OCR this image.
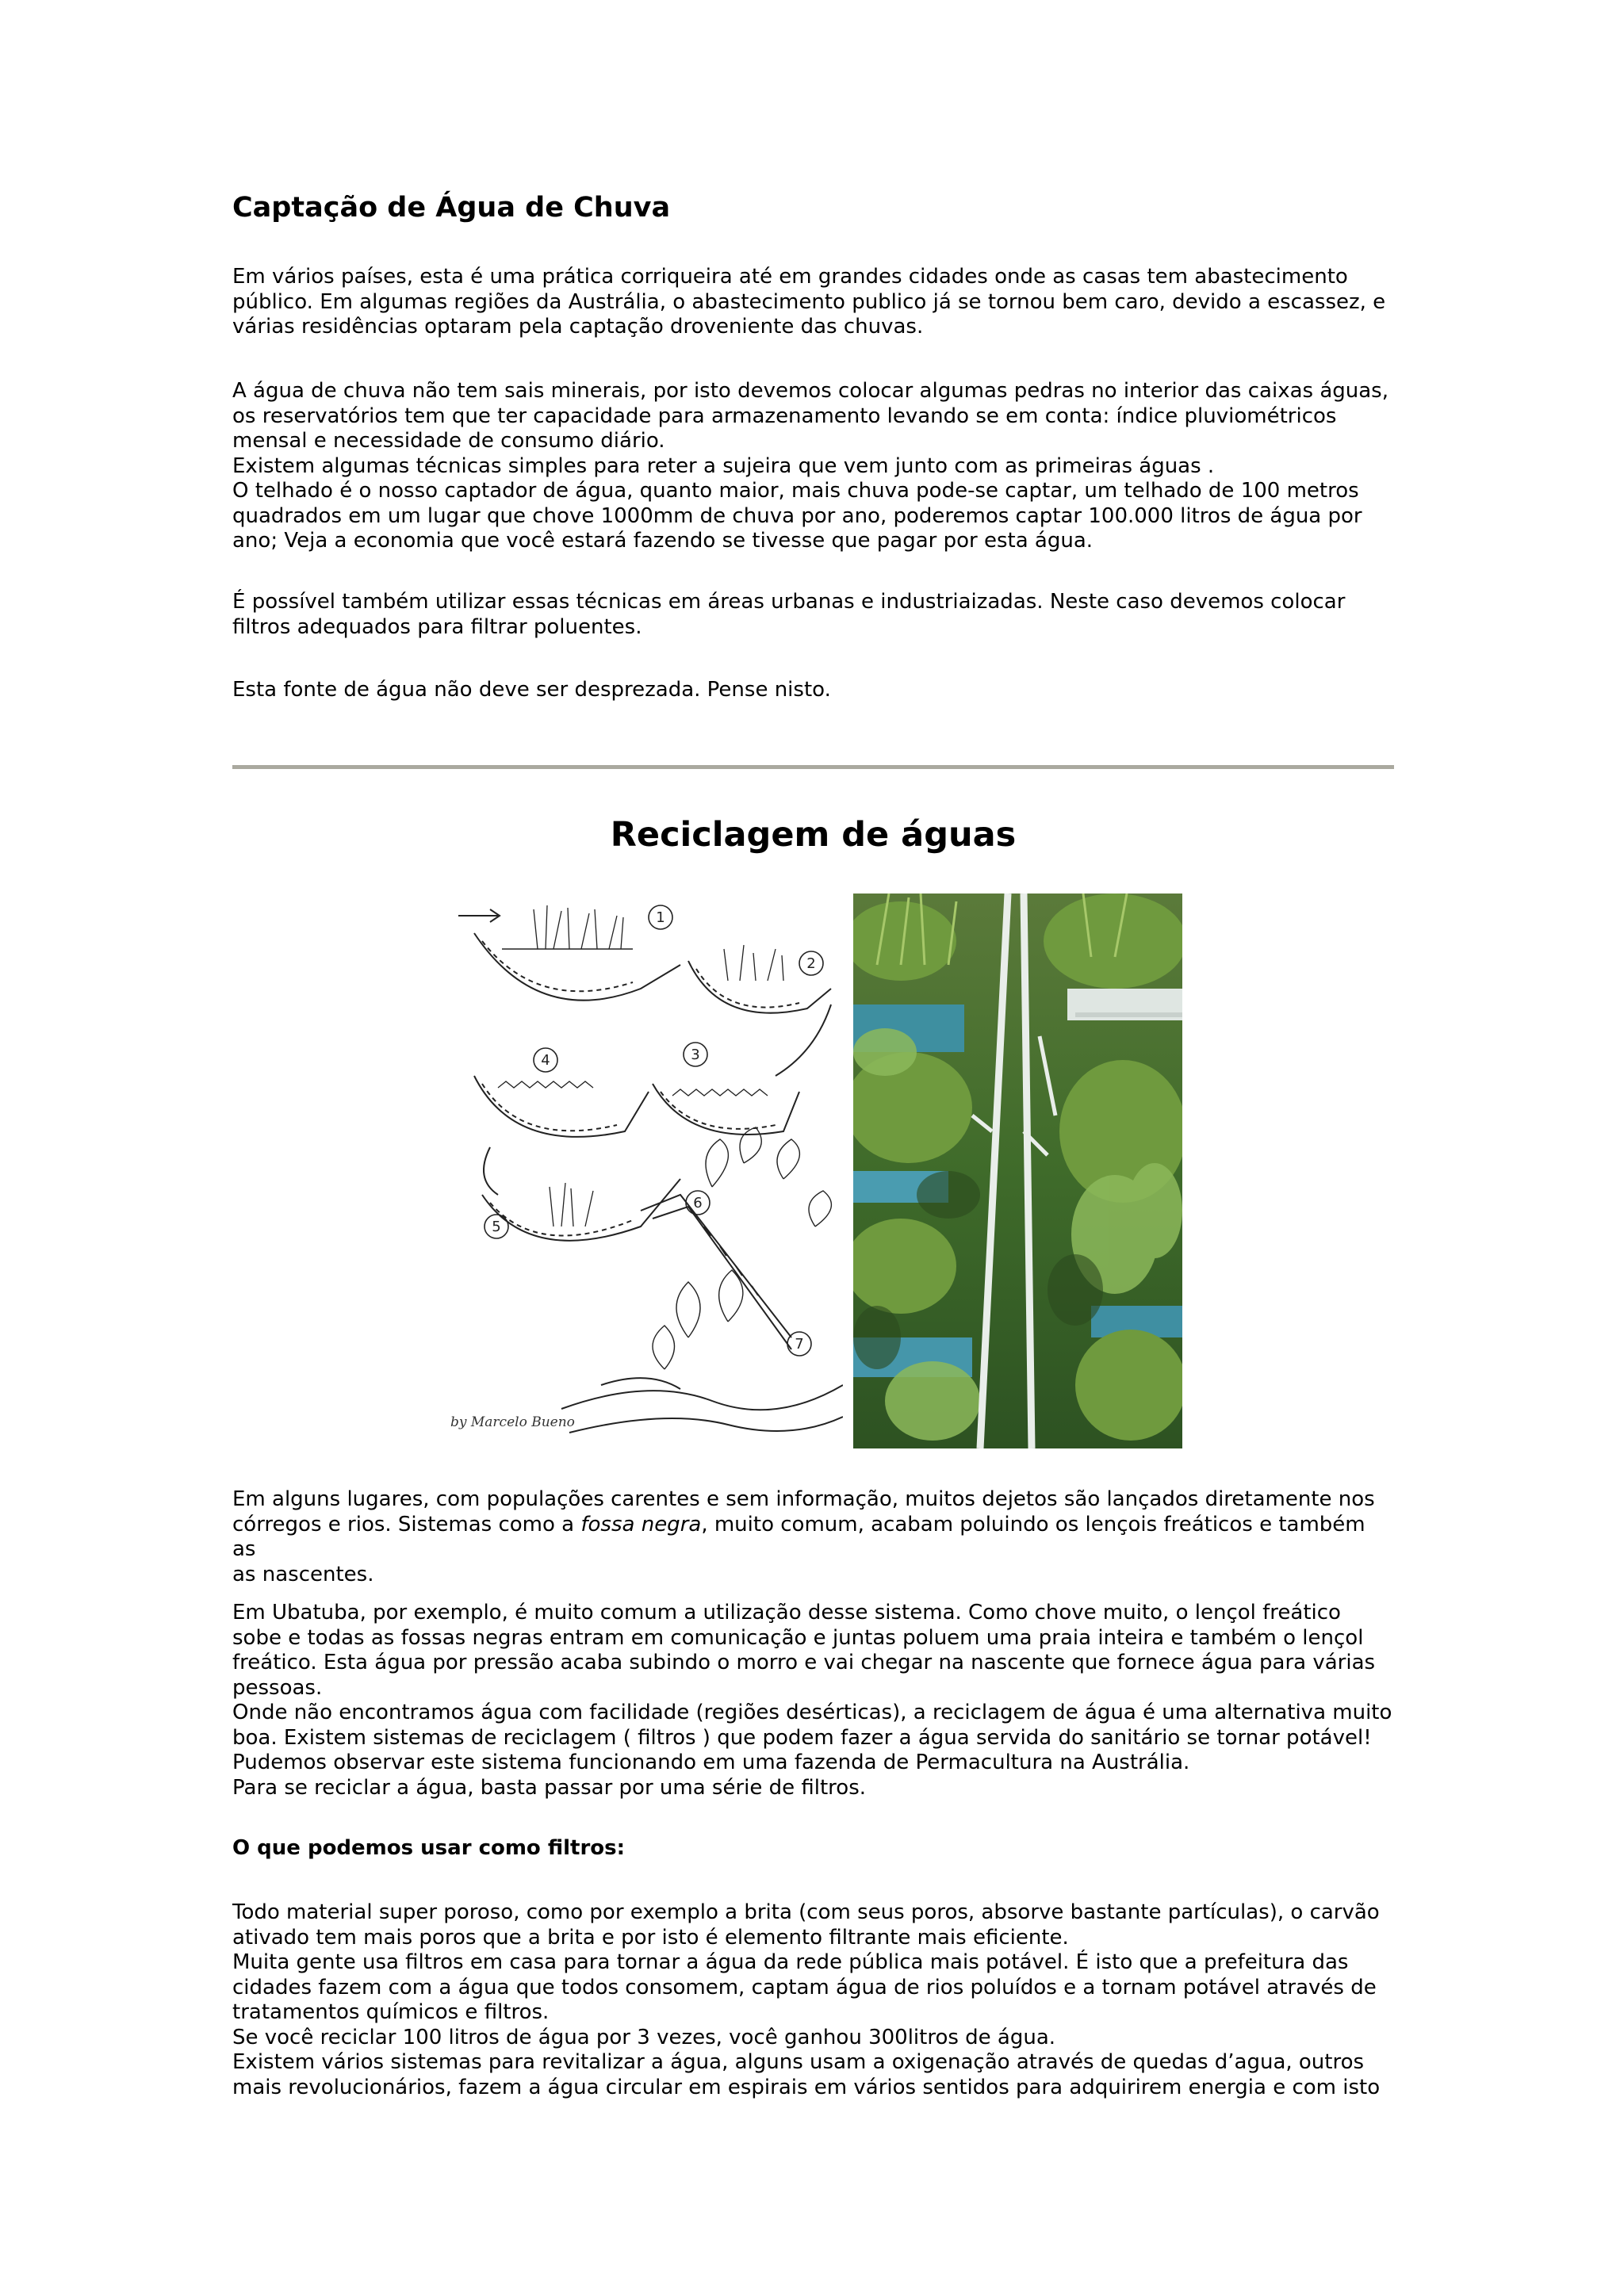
Captação de Água de Chuva

Em vários países, esta é uma prática corriqueira até em grandes cidades onde as casas tem abastecimento

público. Em algumas regiões da Austrália, o abastecimento publico já se tornou bem caro, devido a escassez, e

várias residências optaram pela captação droveniente das chuvas.

A água de chuva não tem sais minerais, por isto devemos colocar algumas pedras no interior das caixas águas,

os reservatórios tem que ter capacidade para armazenamento levando se em conta: índice pluviométricos

mensal e necessidade de consumo diário.

Existem algumas técnicas simples para reter a sujeira que vem junto com as primeiras águas .

O telhado é o nosso captador de água, quanto maior, mais chuva pode-se captar, um telhado de 100 metros

quadrados em um lugar que chove 1000mm de chuva por ano, poderemos captar 100.000 litros de água por

ano; Veja a economia que você estará fazendo se tivesse que pagar por esta água.

É possível também utilizar essas técnicas em áreas urbanas e industriaizadas. Neste caso devemos colocar

filtros adequados para filtrar poluentes.

Esta fonte de água não deve ser desprezada. Pense nisto.

Reciclagem de águas
1
2
3
4
5
6
7
by Marcelo Bueno

Em alguns lugares, com populações carentes e sem informação, muitos dejetos são lançados diretamente nos

córregos e rios. Sistemas como a fossa negra, muito comum, acabam poluindo os lençois freáticos e também as

as nascentes.

Em Ubatuba, por exemplo, é muito comum a utilização desse sistema. Como chove muito, o lençol freático

sobe e todas as fossas negras entram em comunicação e juntas poluem uma praia inteira e também o lençol

freático. Esta água por pressão acaba subindo o morro e vai chegar na nascente que fornece água para várias

pessoas.

Onde não encontramos água com facilidade (regiões desérticas), a reciclagem de água é uma alternativa muito

boa. Existem sistemas de reciclagem ( filtros ) que podem fazer a água servida do sanitário se tornar potável!

Pudemos observar este sistema funcionando em uma fazenda de Permacultura na Austrália.

Para se reciclar a água, basta passar por uma série de filtros.

O que podemos usar como filtros:

Todo material super poroso, como por exemplo a brita (com seus poros, absorve bastante partículas), o carvão

ativado tem mais poros que a brita e por isto é elemento filtrante mais eficiente.

Muita gente usa filtros em casa para tornar a água da rede pública mais potável. É isto que a prefeitura das

cidades fazem com a água que todos consomem, captam água de rios poluídos e a tornam potável através de

tratamentos químicos e filtros.

Se você reciclar 100 litros de água por 3 vezes, você ganhou 300litros de água.

Existem vários sistemas para revitalizar a água, alguns usam a oxigenação através de quedas d’agua, outros

mais revolucionários, fazem a água circular em espirais em vários sentidos para adquirirem energia e com isto
